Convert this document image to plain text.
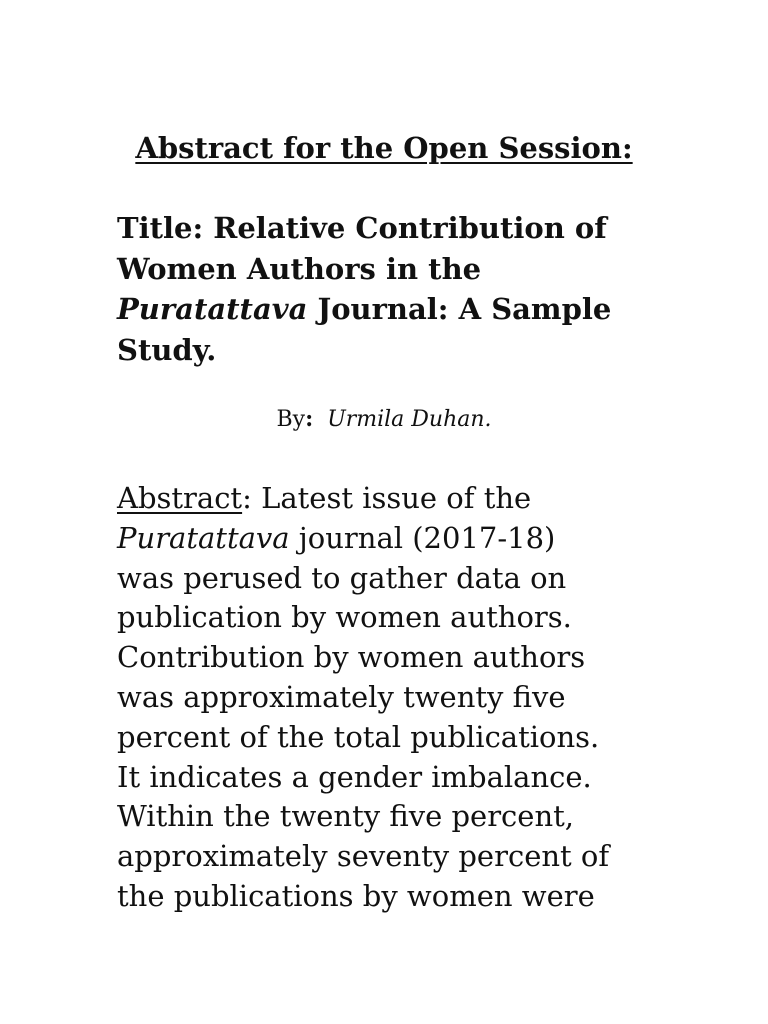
Abstract for the Open Session:
Title: Relative Contribution of
Women Authors in the
Puratattava Journal: A Sample
Study.
By: Urmila Duhan.
Abstract: Latest issue of the
Puratattava journal (2017-18)
was perused to gather data on
publication by women authors.
Contribution by women authors
was approximately twenty five
percent of the total publications.
It indicates a gender imbalance.
Within the twenty five percent,
approximately seventy percent of
the publications by women were
